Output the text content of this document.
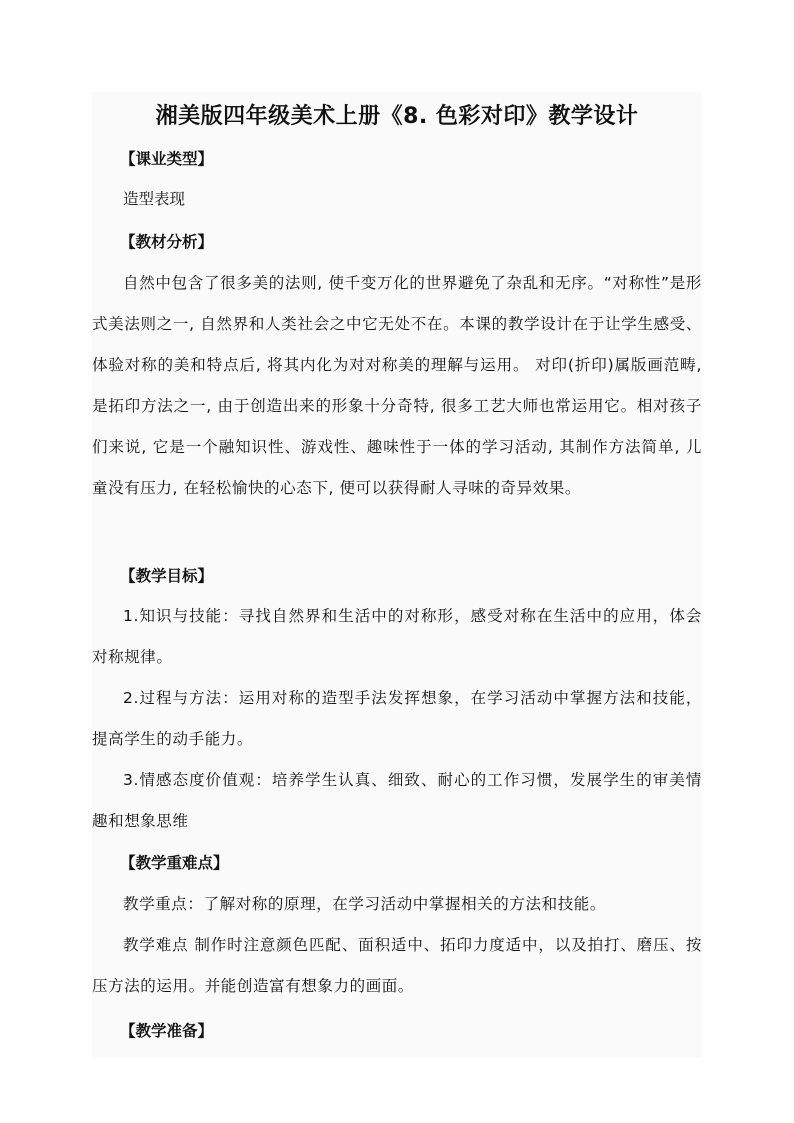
湘美版四年级美术上册《8. 色彩对印》教学设计
【课业类型】

造型表现

【教材分析】

自然中包含了很多美的法则, 使千变万化的世界避免了杂乱和无序。“对称性”是形式美法则之一, 自然界和人类社会之中它无处不在。本课的教学设计在于让学生感受、体验对称的美和特点后, 将其内化为对对称美的理解与运用。 对印(折印)属版画范畴, 是拓印方法之一, 由于创造出来的形象十分奇特, 很多工艺大师也常运用它。相对孩子们来说, 它是一个融知识性、游戏性、趣味性于一体的学习活动, 其制作方法简单, 儿童没有压力, 在轻松愉快的心态下, 便可以获得耐人寻味的奇异效果。

【教学目标】

1.知识与技能：寻找自然界和生活中的对称形，感受对称在生活中的应用，体会对称规律。

2.过程与方法：运用对称的造型手法发挥想象，在学习活动中掌握方法和技能，提高学生的动手能力。

3.情感态度价值观：培养学生认真、细致、耐心的工作习惯，发展学生的审美情趣和想象思维

【教学重难点】

教学重点：了解对称的原理，在学习活动中掌握相关的方法和技能。

教学难点 制作时注意颜色匹配、面积适中、拓印力度适中，以及拍打、磨压、按压方法的运用。并能创造富有想象力的画面。

【教学准备】
